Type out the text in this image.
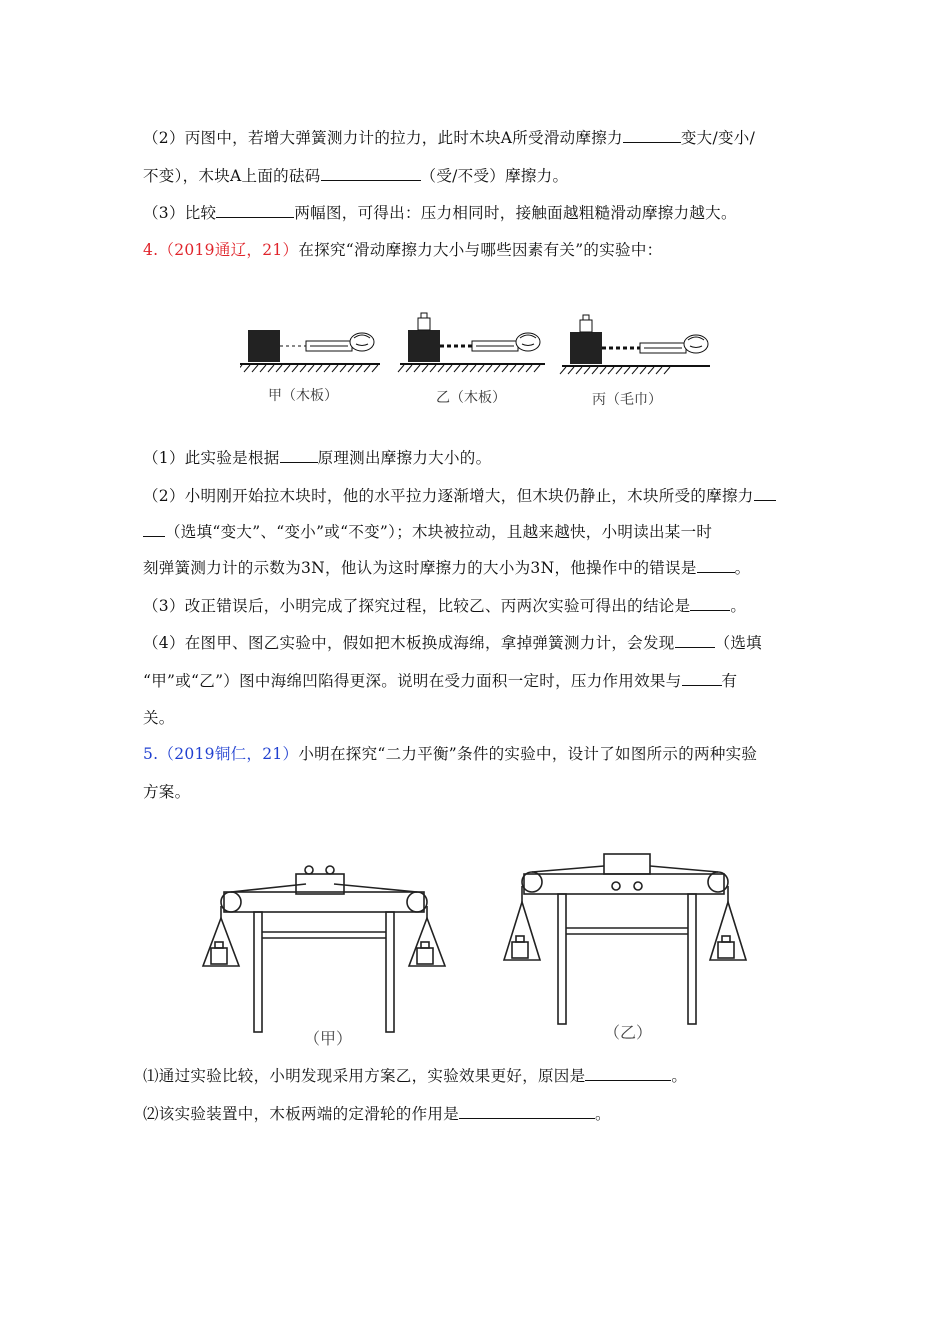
（2）丙图中，若增大弹簧测力计的拉力，此时木块A所受滑动摩擦力	变大/变小/
不变），木块A上面的砝码	（受/不受）摩擦力。
（3）比较	两幅图，可得出：压力相同时，接触面越粗糙滑动摩擦力越大。
4.（2019通辽，21）在探究“滑动摩擦力大小与哪些因素有关”的实验中：
甲（木板）	乙（木板）	丙（毛巾）
（1）此实验是根据 原理测出摩擦力大小的。
（2）小明刚开始拉木块时，他的水平拉力逐渐增大，但木块仍静止，木块所受的摩擦力
（选填“变大”、“变小”或“不变”）；木块被拉动，且越来越快，小明读出某一时
刻弹簧测力计的示数为3N，他认为这时摩擦力的大小为3N，他操作中的错误是 。
（3）改正错误后，小明完成了探究过程，比较乙、丙两次实验可得出的结论是	。
（4）在图甲、图乙实验中，假如把木板换成海绵，拿掉弹簧测力计，会发现	（选填
“甲”或“乙”）图中海绵凹陷得更深。说明在受力面积一定时，压力作用效果与	有
关。
5.（2019铜仁，21）小明在探究“二力平衡”条件的实验中，设计了如图所示的两种实验
方案。
（甲）	（乙）
⑴通过实验比较，小明发现采用方案乙，实验效果更好，原因是	。
⑵该实验装置中，木板两端的定滑轮的作用是	。
